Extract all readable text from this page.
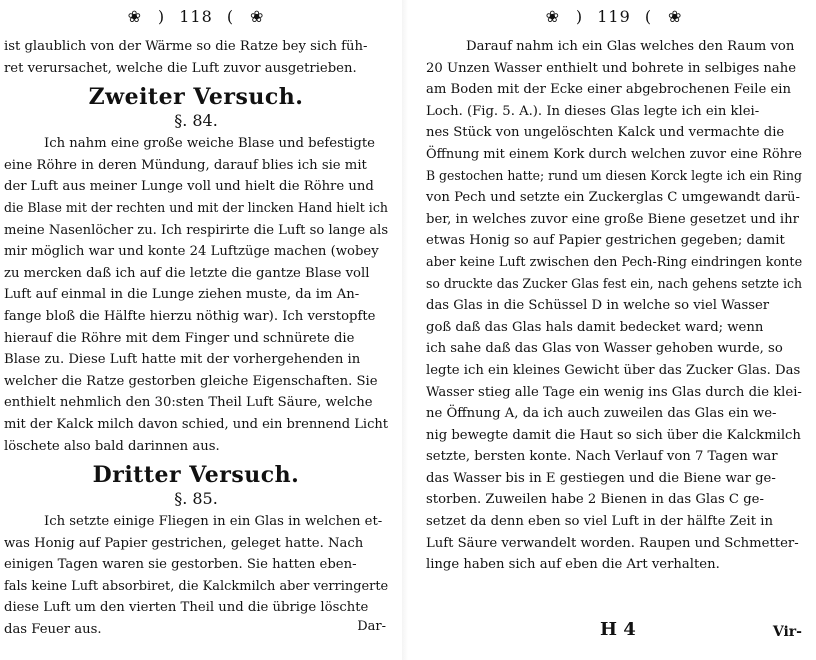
❀ ) 118 ( ❀

ist glaublich von der Wärme so die Ratze bey sich füh-
ret verursachet, welche die Luft zuvor ausgetrieben.

Zweiter Versuch.
§. 84.

Ich nahm eine große weiche Blase und befestigte
eine Röhre in deren Mündung, darauf blies ich sie mit
der Luft aus meiner Lunge voll und hielt die Röhre und
die Blase mit der rechten und mit der lincken Hand hielt ich
meine Nasenlöcher zu. Ich respirirte die Luft so lange als
mir möglich war und konte 24 Luftzüge machen (wobey
zu mercken daß ich auf die letzte die gantze Blase voll
Luft auf einmal in die Lunge ziehen muste, da im An-
fange bloß die Hälfte hierzu nöthig war). Ich verstopfte
hierauf die Röhre mit dem Finger und schnürete die
Blase zu. Diese Luft hatte mit der vorhergehenden in
welcher die Ratze gestorben gleiche Eigenschaften. Sie
enthielt nehmlich den 30:sten Theil Luft Säure, welche
mit der Kalck milch davon schied, und ein brennend Licht
löschete also bald darinnen aus.

Dritter Versuch.
§. 85.

Ich setzte einige Fliegen in ein Glas in welchen et-
was Honig auf Papier gestrichen, geleget hatte. Nach
einigen Tagen waren sie gestorben. Sie hatten eben-
fals keine Luft absorbiret, die Kalckmilch aber verringerte
diese Luft um den vierten Theil und die übrige löschte
das Feuer aus.	Dar-
❀ ) 119 ( ❀

Darauf nahm ich ein Glas welches den Raum von
20 Unzen Wasser enthielt und bohrete in selbiges nahe
am Boden mit der Ecke einer abgebrochenen Feile ein
Loch. (Fig. 5. A.). In dieses Glas legte ich ein klei-
nes Stück von ungelöschten Kalck und vermachte die
Öffnung mit einem Kork durch welchen zuvor eine Röhre
B gestochen hatte; rund um diesen Korck legte ich ein Ring
von Pech und setzte ein Zuckerglas C umgewandt darü-
ber, in welches zuvor eine große Biene gesetzet und ihr
etwas Honig so auf Papier gestrichen gegeben; damit
aber keine Luft zwischen den Pech-Ring eindringen konte
so druckte das Zucker Glas fest ein, nach gehens setzte ich
das Glas in die Schüssel D in welche so viel Wasser
goß daß das Glas hals damit bedecket ward; wenn
ich sahe daß das Glas von Wasser gehoben wurde, so
legte ich ein kleines Gewicht über das Zucker Glas. Das
Wasser stieg alle Tage ein wenig ins Glas durch die klei-
ne Öffnung A, da ich auch zuweilen das Glas ein we-
nig bewegte damit die Haut so sich über die Kalckmilch
setzte, bersten konte. Nach Verlauf von 7 Tagen war
das Wasser bis in E gestiegen und die Biene war ge-
storben. Zuweilen habe 2 Bienen in das Glas C ge-
setzet da denn eben so viel Luft in der hälfte Zeit in
Luft Säure verwandelt worden. Raupen und Schmetter-
linge haben sich auf eben die Art verhalten.

H 4	Vir-
